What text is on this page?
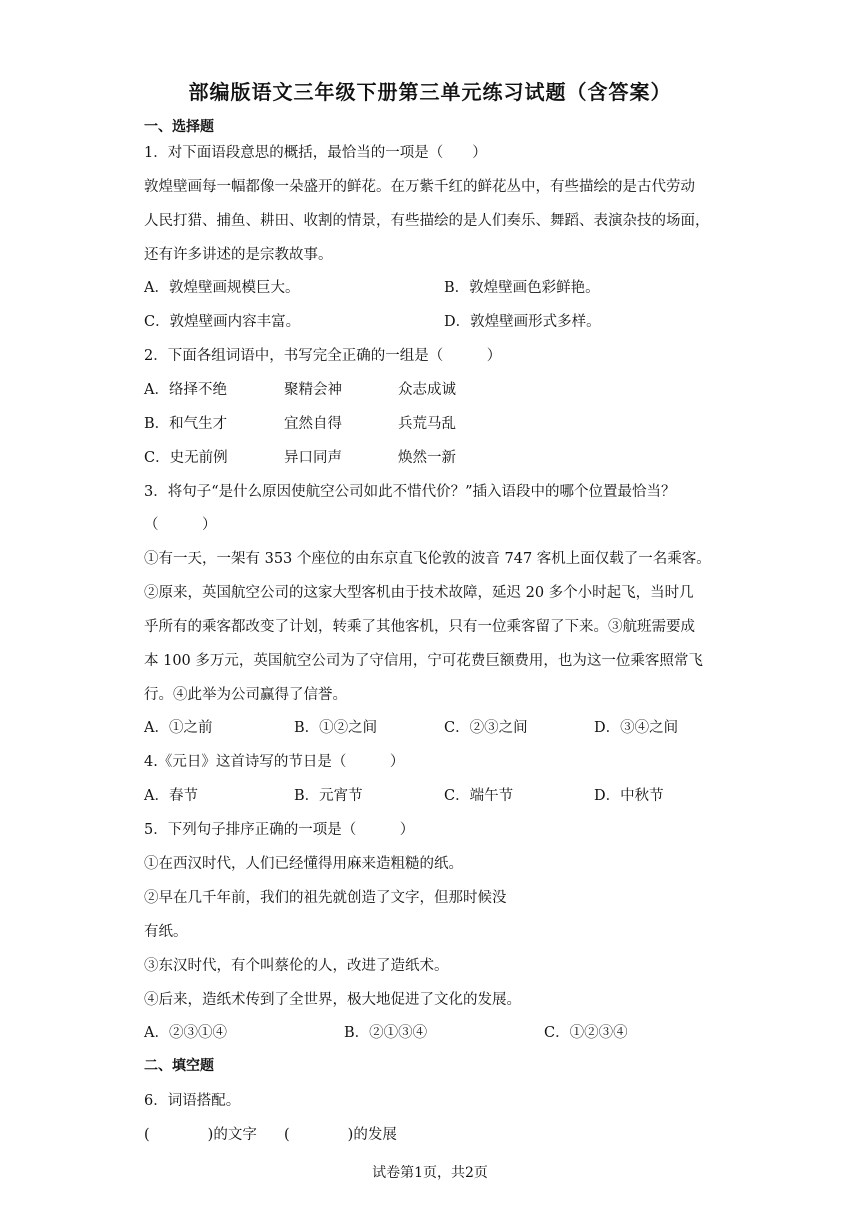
部编版语文三年级下册第三单元练习试题（含答案）
一、选择题
1．对下面语段意思的概括，最恰当的一项是（　　）
敦煌壁画每一幅都像一朵盛开的鲜花。在万紫千红的鲜花丛中，有些描绘的是古代劳动
人民打猎、捕鱼、耕田、收割的情景，有些描绘的是人们奏乐、舞蹈、表演杂技的场面，
还有许多讲述的是宗教故事。
A．敦煌壁画规模巨大。	B．敦煌壁画色彩鲜艳。
C．敦煌壁画内容丰富。	D．敦煌壁画形式多样。
2．下面各组词语中，书写完全正确的一组是（　　　）
A．络择不绝	聚精会神	众志成诚
B．和气生才	宜然自得	兵荒马乱
C．史无前例	异口同声	焕然一新
3．将句子“是什么原因使航空公司如此不惜代价？”插入语段中的哪个位置最恰当？
（　　　）
①有一天，一架有 353 个座位的由东京直飞伦敦的波音 747 客机上面仅载了一名乘客。
②原来，英国航空公司的这家大型客机由于技术故障，延迟 20 多个小时起飞，当时几
乎所有的乘客都改变了计划，转乘了其他客机，只有一位乘客留了下来。③航班需要成
本 100 多万元，英国航空公司为了守信用，宁可花费巨额费用，也为这一位乘客照常飞
行。④此举为公司赢得了信誉。
A．①之前	B．①②之间	C．②③之间	D．③④之间
4.《元日》这首诗写的节日是（　　　）
A．春节	B．元宵节	C．端午节	D．中秋节
5．下列句子排序正确的一项是（　　　）
①在西汉时代，人们已经懂得用麻来造粗糙的纸。
②早在几千年前，我们的祖先就创造了文字，但那时候没
有纸。
③东汉时代，有个叫蔡伦的人，改进了造纸术。
④后来，造纸术传到了全世界，极大地促进了文化的发展。
A．②③①④	B．②①③④	C．①②③④
二、填空题
6．词语搭配。
(　　　　)的文字 (　　　　)的发展
试卷第1页，共2页
